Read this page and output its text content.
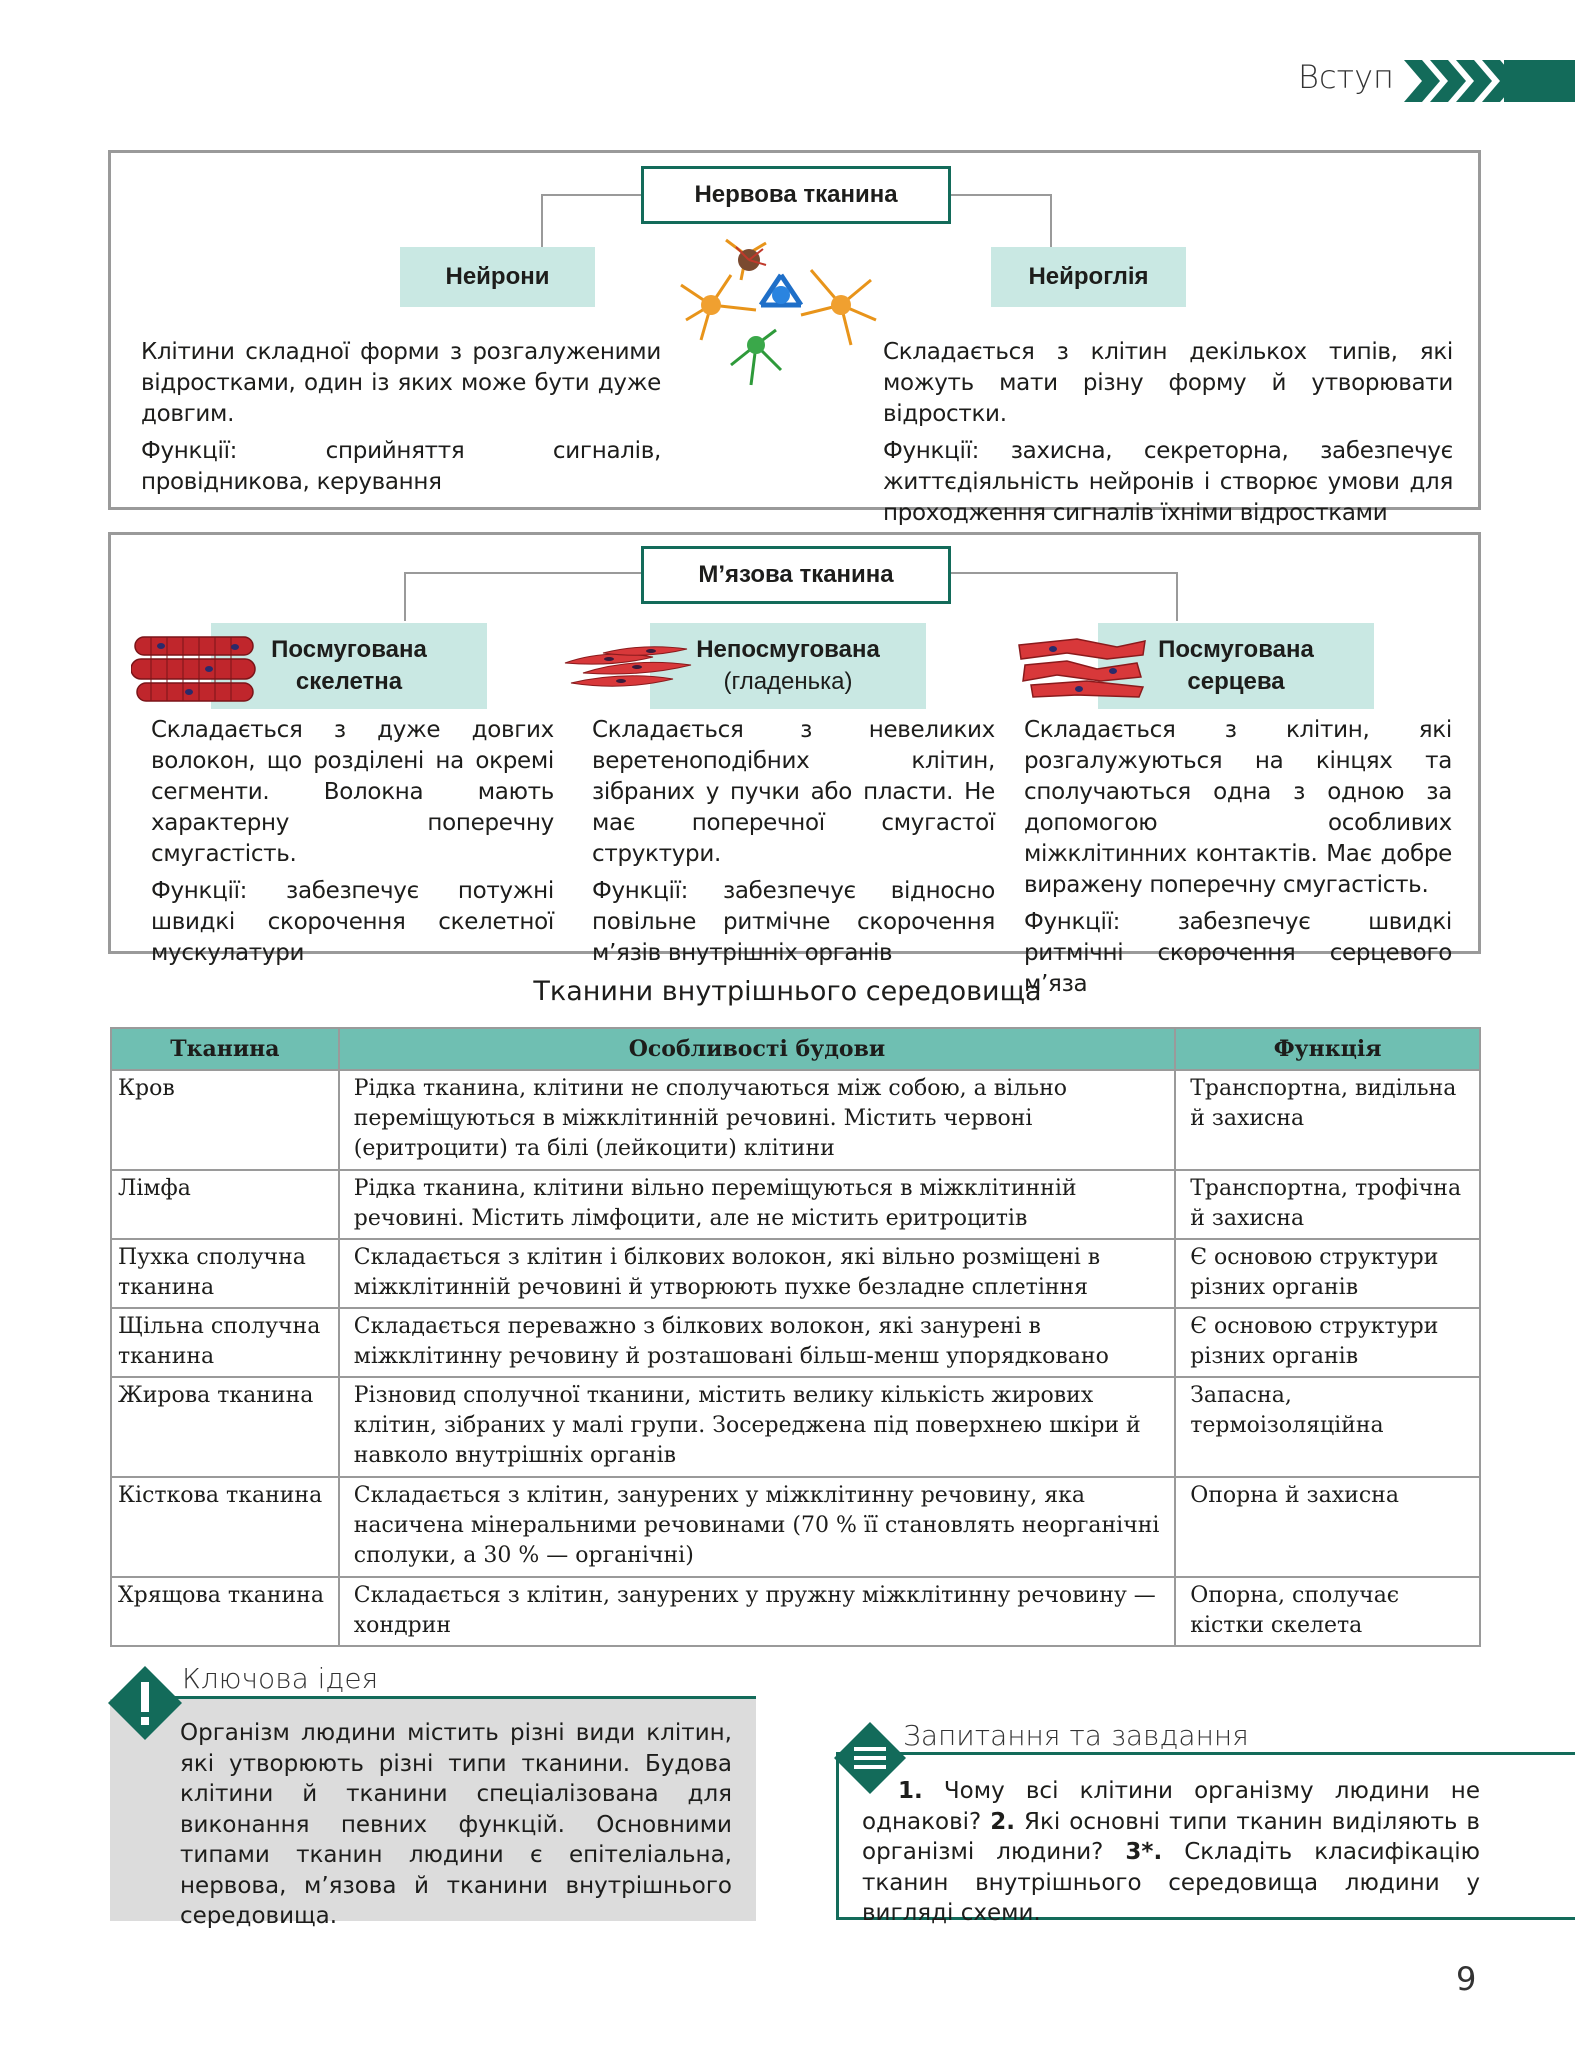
Вступ
Нервова тканина
Нейрони	Нейроглія

Клітини складної форми з розгалуженими відростками, один із яких може бути дуже довгим.

Функції: сприйняття сигналів, провідникова, керування

Складається з клітин декількох типів, які можуть мати різну форму й утворювати відростки.

Функції: захисна, секреторна, забезпечує життєдіяльність нейронів і створює умови для проходження сигналів їхніми відростками

М’язова тканина
Посмугована
скелетна
Непосмугована
(гладенька)
Посмугована
серцева

Складається з дуже довгих волокон, що розділені на окремі сегменти. Волокна мають характерну поперечну смугастість.

Функції: забезпечує потужні швидкі скорочення скелетної мускулатури

Складається з невеликих веретеноподібних клітин, зібраних у пучки або пласти. Не має поперечної смугастої структури.

Функції: забезпечує відносно повільне ритмічне скорочення м’язів внутрішніх органів

Складається з клітин, які розгалужуються на кінцях та сполучаються одна з одною за допомогою особливих міжклітинних контактів. Має добре виражену поперечну смугастість.

Функції: забезпечує швидкі ритмічні скорочення серцевого м’яза

Тканини внутрішнього середовища
Тканина	Особливості будови	Функція
Кров	Рідка тканина, клітини не сполучаються між собою, а вільно переміщуються в міжклітинній речовині. Містить червоні (еритроцити) та білі (лейкоцити) клітини	Транспортна, видільна й захисна
Лімфа	Рідка тканина, клітини вільно переміщуються в міжклітинній речовині. Містить лімфоцити, але не містить еритроцитів	Транспортна, трофічна й захисна
Пухка сполучна тканина	Складається з клітин і білкових волокон, які вільно розміщені в міжклітинній речовині й утворюють пухке безладне сплетіння	Є основою структури різних органів
Щільна сполучна тканина	Складається переважно з білкових волокон, які занурені в міжклітинну речовину й розташовані більш-менш упорядковано	Є основою структури різних органів
Жирова тканина	Різновид сполучної тканини, містить велику кількість жирових клітин, зібраних у малі групи. Зосереджена під поверхнею шкіри й навколо внутрішніх органів	Запасна, термоізоляційна
Кісткова тканина	Складається з клітин, занурених у міжклітинну речовину, яка насичена мінеральними речовинами (70 % її становлять неорганічні сполуки, а 30 % — органічні)	Опорна й захисна
Хрящова тканина	Складається з клітин, занурених у пружну міжклітинну речовину — хондрин	Опорна, сполучає кістки скелета
Ключова ідея
Організм людини містить різні види клітин, які утворюють різні типи тканини. Будова клітини й тканини спеціалізована для виконання певних функцій. Основними типами тканин людини є епітеліальна, нервова, м’язова й тканини внутрішнього середовища.
Запитання та завдання
1. Чому всі клітини організму людини не однакові? 2. Які основні типи тканин виділяють в організмі людини? 3*. Складіть класифікацію тканин внутрішнього середовища людини у вигляді схеми.
9
